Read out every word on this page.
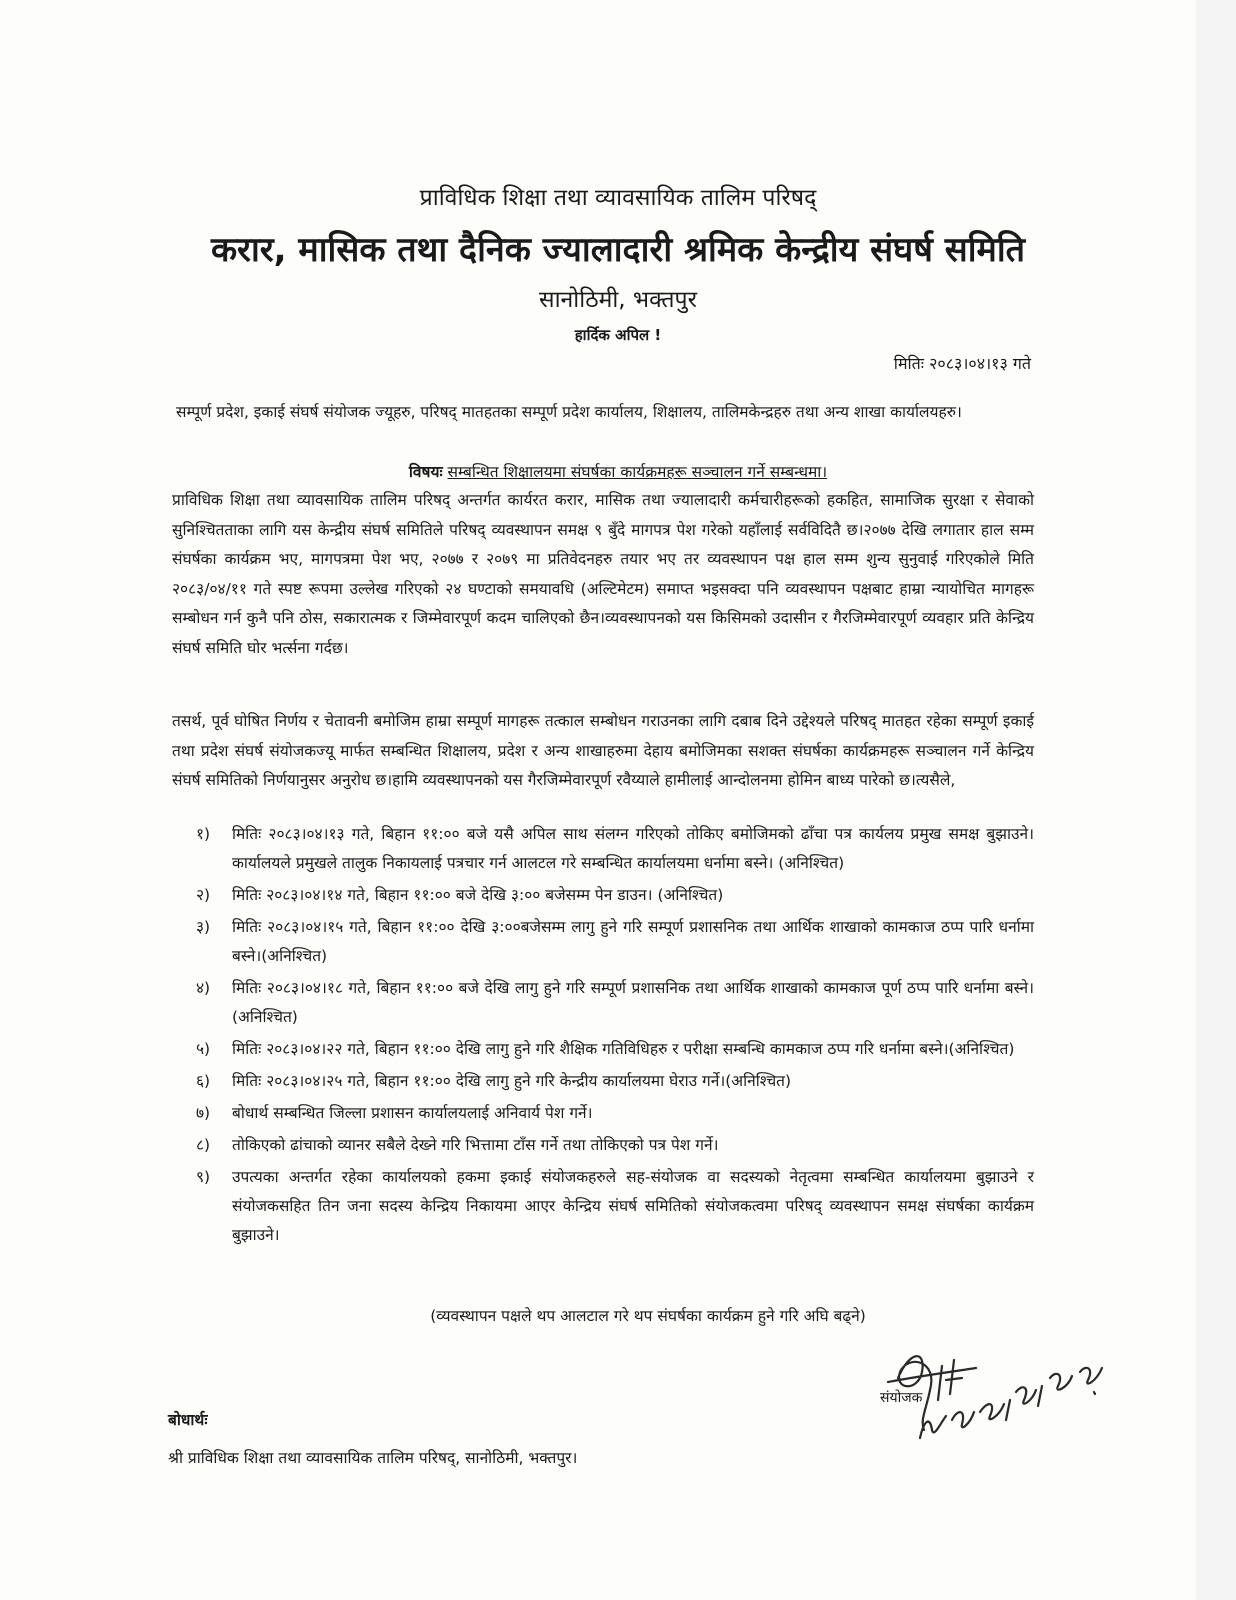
प्राविधिक शिक्षा तथा व्यावसायिक तालिम परिषद्
करार, मासिक तथा दैनिक ज्यालादारी श्रमिक केन्द्रीय संघर्ष समिति
सानोठिमी, भक्तपुर
हार्दिक अपिल !
मितिः २०८३।०४।१३ गते
सम्पूर्ण प्रदेश, इकाई संघर्ष संयोजक ज्यूहरु, परिषद् मातहतका सम्पूर्ण प्रदेश कार्यालय, शिक्षालय, तालिमकेन्द्रहरु तथा अन्य शाखा कार्यालयहरु।
विषयः सम्बन्धित शिक्षालयमा संघर्षका कार्यक्रमहरू सञ्चालन गर्ने सम्बन्धमा।
प्राविधिक शिक्षा तथा व्यावसायिक तालिम परिषद् अन्तर्गत कार्यरत करार, मासिक तथा ज्यालादारी कर्मचारीहरूको हकहित, सामाजिक सुरक्षा र सेवाको सुनिश्चितताका लागि यस केन्द्रीय संघर्ष समितिले परिषद् व्यवस्थापन समक्ष ९ बुँदे मागपत्र पेश गरेको यहाँलाई सर्वविदितै छ।२०७७ देखि लगातार हाल सम्म संघर्षका कार्यक्रम भए, मागपत्रमा पेश भए, २०७७ र २०७९ मा प्रतिवेदनहरु तयार भए तर व्यवस्थापन पक्ष हाल सम्म शुन्य सुनुवाई गरिएकोले मिति २०८३/०४/११ गते स्पष्ट रूपमा उल्लेख गरिएको २४ घण्टाको समयावधि (अल्टिमेटम) समाप्त भइसक्दा पनि व्यवस्थापन पक्षबाट हाम्रा न्यायोचित मागहरू सम्बोधन गर्न कुनै पनि ठोस, सकारात्मक र जिम्मेवारपूर्ण कदम चालिएको छैन।व्यवस्थापनको यस किसिमको उदासीन र गैरजिम्मेवारपूर्ण व्यवहार प्रति केन्द्रिय संघर्ष समिति घोर भर्त्सना गर्दछ।
तसर्थ, पूर्व घोषित निर्णय र चेतावनी बमोजिम हाम्रा सम्पूर्ण मागहरू तत्काल सम्बोधन गराउनका लागि दबाब दिने उद्देश्यले परिषद् मातहत रहेका सम्पूर्ण इकाई तथा प्रदेश संघर्ष संयोजकज्यू मार्फत सम्बन्धित शिक्षालय, प्रदेश र अन्य शाखाहरुमा देहाय बमोजिमका सशक्त संघर्षका कार्यक्रमहरू सञ्चालन गर्ने केन्द्रिय संघर्ष समितिको निर्णयानुसर अनुरोध छ।हामि व्यवस्थापनको यस गैरजिम्मेवारपूर्ण रवैय्याले हामीलाई आन्दोलनमा होमिन बाध्य पारेको छ।त्यसैले,
१)	मितिः २०८३।०४।१३ गते, बिहान ११:०० बजे यसै अपिल साथ संलग्न गरिएको तोकिए बमोजिमको ढाँचा पत्र कार्यलय प्रमुख समक्ष बुझाउने। कार्यालयले प्रमुखले तालुक निकायलाई पत्रचार गर्न आलटल गरे सम्बन्धित कार्यालयमा धर्नामा बस्ने। (अनिश्चित)
२)	मितिः २०८३।०४।१४ गते, बिहान ११:०० बजे देखि ३:०० बजेसम्म पेन डाउन। (अनिश्चित)
३)	मितिः २०८३।०४।१५ गते, बिहान ११:०० देखि ३:००बजेसम्म लागु हुने गरि सम्पूर्ण प्रशासनिक तथा आर्थिक शाखाको कामकाज ठप्प पारि धर्नामा बस्ने।(अनिश्चित)
४)	मितिः २०८३।०४।१८ गते, बिहान ११:०० बजे देखि लागु हुने गरि सम्पूर्ण प्रशासनिक तथा आर्थिक शाखाको कामकाज पूर्ण ठप्प पारि धर्नामा बस्ने। (अनिश्चित)
५)	मितिः २०८३।०४।२२ गते, बिहान ११:०० देखि लागु हुने गरि शैक्षिक गतिविधिहरु र परीक्षा सम्बन्धि कामकाज ठप्प गरि धर्नामा बस्ने।(अनिश्चित)
६)	मितिः २०८३।०४।२५ गते, बिहान ११:०० देखि लागु हुने गरि केन्द्रीय कार्यालयमा घेराउ गर्ने।(अनिश्चित)
७)	बोधार्थ सम्बन्धित जिल्ला प्रशासन कार्यालयलाई अनिवार्य पेश गर्ने।
८)	तोकिएको ढांचाको व्यानर सबैले देख्ने गरि भित्तामा टाँस गर्ने तथा तोकिएको पत्र पेश गर्ने।
९)	उपत्यका अन्तर्गत रहेका कार्यालयको हकमा इकाई संयोजकहरुले सह-संयोजक वा सदस्यको नेतृत्वमा सम्बन्धित कार्यालयमा बुझाउने र संयोजकसहित तिन जना सदस्य केन्द्रिय निकायमा आएर केन्द्रिय संघर्ष समितिको संयोजकत्वमा परिषद् व्यवस्थापन समक्ष संघर्षका कार्यक्रम बुझाउने।
(व्यवस्थापन पक्षले थप आलटाल गरे थप संघर्षका कार्यक्रम हुने गरि अघि बढ्ने)
संयोजक
बोधार्थः
श्री प्राविधिक शिक्षा तथा व्यावसायिक तालिम परिषद्, सानोठिमी, भक्तपुर।
